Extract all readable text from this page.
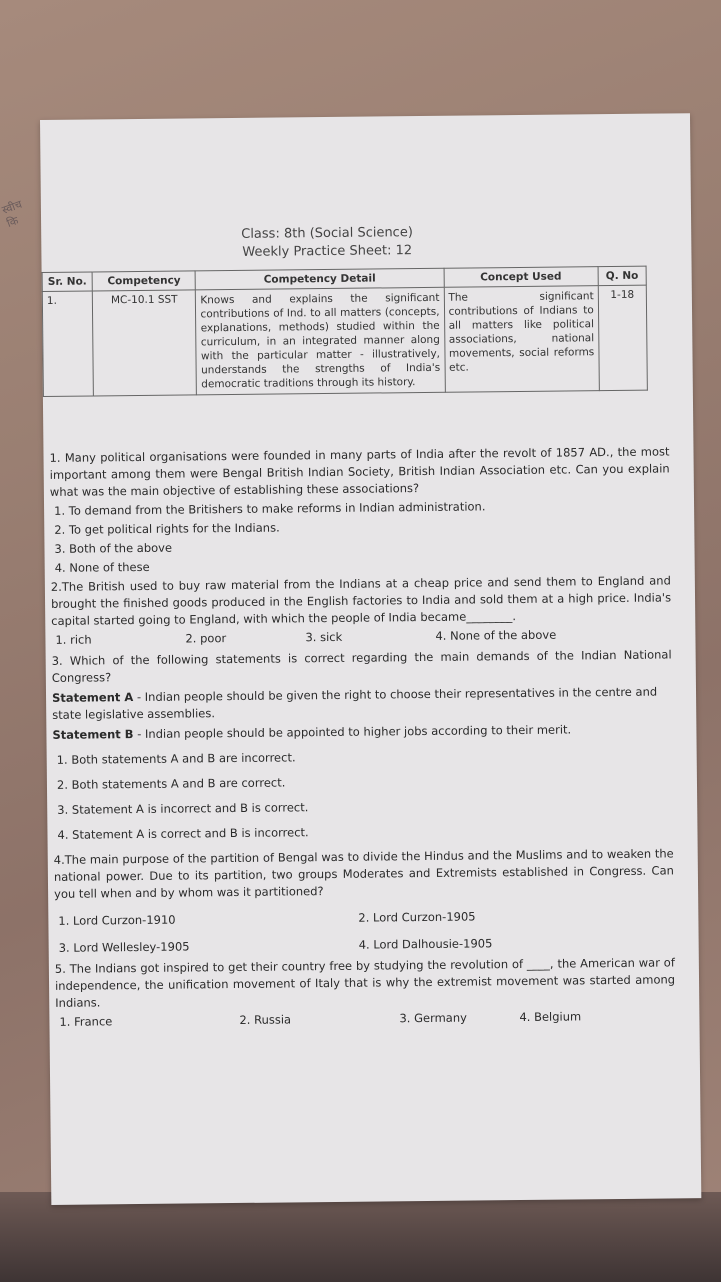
स्वीच कि
Class: 8th (Social Science)
Weekly Practice Sheet: 12
Sr. No.	Competency	Competency Detail	Concept Used	Q. No
1.	MC-10.1 SST	Knows and explains the significant contributions of Ind. to all matters (concepts, explanations, methods) studied within the curriculum, in an integrated manner along with the particular matter - illustratively, understands the strengths of India's democratic traditions through its history.	The significant contributions of Indians to all matters like political associations, national movements, social reforms etc.	1-18

1. Many political organisations were founded in many parts of India after the revolt of 1857 AD., the most important among them were Bengal British Indian Society, British Indian Association etc. Can you explain what was the main objective of establishing these associations?

1. To demand from the Britishers to make reforms in Indian administration.
2. To get political rights for the Indians.
3. Both of the above
4. None of these

2.The British used to buy raw material from the Indians at a cheap price and send them to England and brought the finished goods produced in the English factories to India and sold them at a high price. India's capital started going to England, with which the people of India became________.

1. rich	2. poor	3. sick	4. None of the above

3. Which of the following statements is correct regarding the main demands of the Indian National Congress?

Statement A - Indian people should be given the right to choose their representatives in the centre and state legislative assemblies.

Statement B - Indian people should be appointed to higher jobs according to their merit.

1. Both statements A and B are incorrect.
2. Both statements A and B are correct.
3. Statement A is incorrect and B is correct.
4. Statement A is correct and B is incorrect.

4.The main purpose of the partition of Bengal was to divide the Hindus and the Muslims and to weaken the national power. Due to its partition, two groups Moderates and Extremists established in Congress. Can you tell when and by whom was it partitioned?

1. Lord Curzon-1910	2. Lord Curzon-1905
3. Lord Wellesley-1905	4. Lord Dalhousie-1905

5. The Indians got inspired to get their country free by studying the revolution of ____, the American war of independence, the unification movement of Italy that is why the extremist movement was started among Indians.

1. France	2. Russia	3. Germany	4. Belgium
